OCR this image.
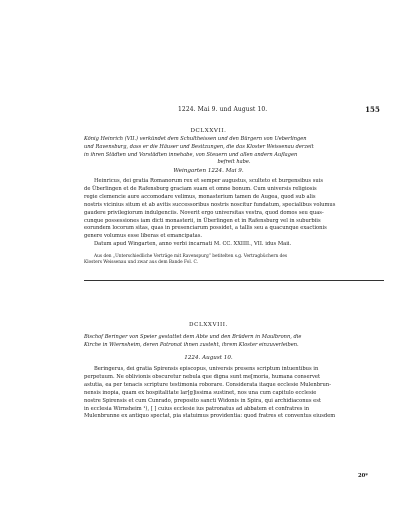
1224. Mai 9. und August 10.	155
DCLXXVII.
König Heinrich (VII.) verkündet dem Schultheissen und den Bürgern von Ueberlingen
und Ravensburg, dass er die Häuser und Besitzungen, die das Kloster Weissenau derzeit
in ihren Städten und Vorstädten innehabe, von Steuern und allen andern Auflagen
befreit habe.
Weingarten 1224. Mai 9.
Heinricus, dei gratia Romanorum rex et semper augustus, sculteto et burgensibus suis
de Überlingen et de Rafensburg graciam suam et omne bonum. Cum universis religiosis
regie clemencie aure accomodare velimus, monasterium tamen de Augea, quod sub alis
nostris vicinius situm et ab avitis successoribus nostris noscitur fundatum, specialibus volumus
gaudere privilegiorum indulgenciis. Noverit ergo universitas vestra, quod domos seu quas-
cunque possessiones iam dicti monasterii, in Überlingen et in Rafensburg vel in suburbiis
eorundem locorum sitas, quas in presenciarum possidet, a tallis seu a quacunque exactionis
genere volumus esse liberas et emancipatas.
Datum apud Wingarten, anno verbi incarnati M. CC. XXIIII., VII. idus Maii.
Aus den „Unterschiedliche Verträge mit Ravenspurg“ betitelten s.g. Vertragbüchern des
Klosters Weissenau und zwar aus dem Bande Fol. C.
DCLXXVIII.
Bischof Beringer von Speier gestattet dem Abte und den Brüdern in Maulbronn, die
Kirche in Wiernsheim, deren Patronat ihnen zusteht, ihrem Kloster einzuverleiben.
1224. August 10.
Beringerus, dei gratia Spirensis episcopus, universis presens scriptum intuentibus in
perpetuum. Ne oblivionis obscuretur nebula que digna sunt me[moria, humana conservet
astutia, ea per tenacis scripture testimonia roborare. Considerata itaque ecclesie Mulenbrun-
nensis inopia, quam ex hospitalitate lar[g]issima sustinet, nos una cum capitulo ecclesie
nostre Spirensis et cum Cunrado, preposito sancti Widonis in Spira, qui archidiaconus est
in ecclesia Wirnsheim ¹), [ ] cuius ecclesie ius patronatus ad abbatem et confratres in
Mulenbrunne ex antiquo spectat, pia statuimus providentia: quod fratres et conventus eiusdem
20*
